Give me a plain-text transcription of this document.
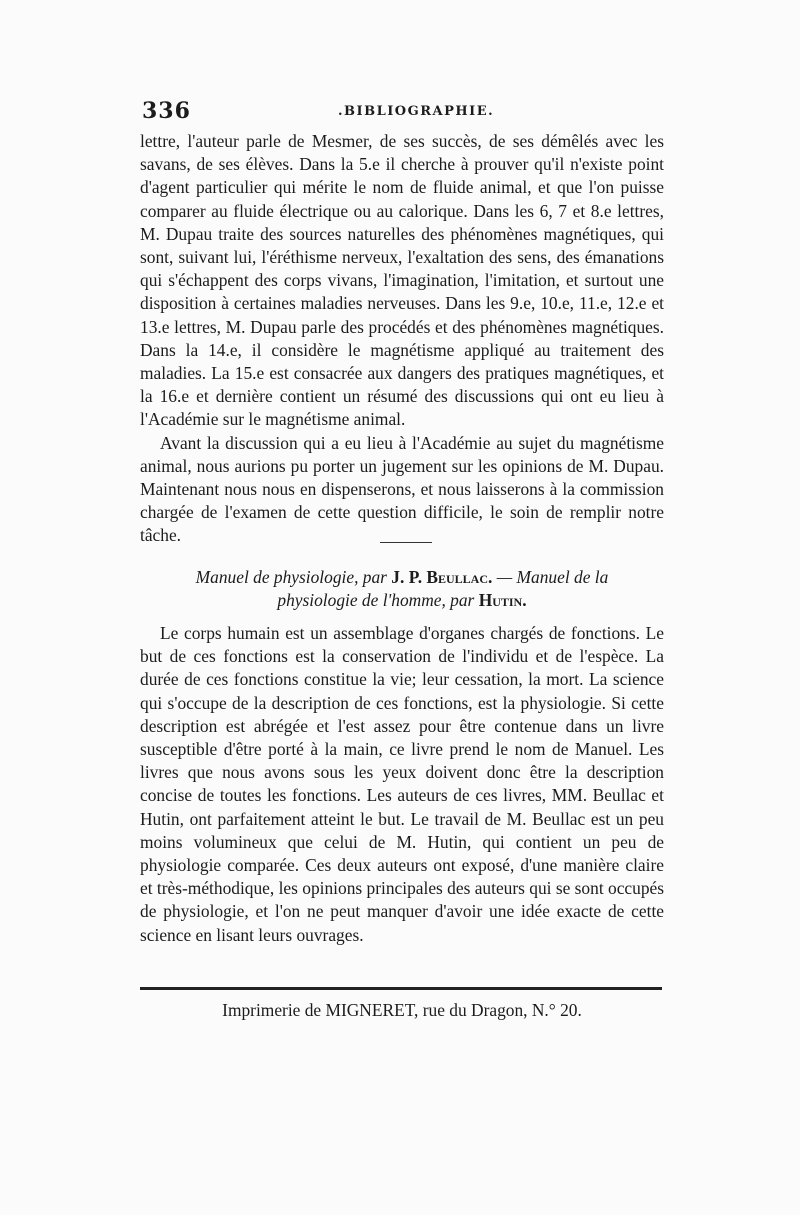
336	.BIBLIOGRAPHIE.

lettre, l'auteur parle de Mesmer, de ses succès, de ses démêlés avec les savans, de ses élèves. Dans la 5.e il cherche à prouver qu'il n'existe point d'agent particulier qui mérite le nom de fluide animal, et que l'on puisse comparer au fluide électrique ou au calorique. Dans les 6, 7 et 8.e lettres, M. Dupau traite des sources naturelles des phénomènes magnétiques, qui sont, suivant lui, l'éréthisme nerveux, l'exaltation des sens, des émanations qui s'échappent des corps vivans, l'imagination, l'imitation, et surtout une disposition à certaines maladies nerveuses. Dans les 9.e, 10.e, 11.e, 12.e et 13.e lettres, M. Dupau parle des procédés et des phénomènes magnétiques. Dans la 14.e, il considère le magnétisme appliqué au traitement des maladies. La 15.e est consacrée aux dangers des pratiques magnétiques, et la 16.e et dernière contient un résumé des discussions qui ont eu lieu à l'Académie sur le magnétisme animal.

Avant la discussion qui a eu lieu à l'Académie au sujet du magnétisme animal, nous aurions pu porter un jugement sur les opinions de M. Dupau. Maintenant nous nous en dispenserons, et nous laisserons à la commission chargée de l'examen de cette question difficile, le soin de remplir notre tâche.

Manuel de physiologie, par J. P. Beullac. — Manuel de la
physiologie de l'homme, par Hutin.

Le corps humain est un assemblage d'organes chargés de fonctions. Le but de ces fonctions est la conservation de l'individu et de l'espèce. La durée de ces fonctions constitue la vie; leur cessation, la mort. La science qui s'occupe de la description de ces fonctions, est la physiologie. Si cette description est abrégée et l'est assez pour être contenue dans un livre susceptible d'être porté à la main, ce livre prend le nom de Manuel. Les livres que nous avons sous les yeux doivent donc être la description concise de toutes les fonctions. Les auteurs de ces livres, MM. Beullac et Hutin, ont parfaitement atteint le but. Le travail de M. Beullac est un peu moins volumineux que celui de M. Hutin, qui contient un peu de physiologie comparée. Ces deux auteurs ont exposé, d'une manière claire et très-méthodique, les opinions principales des auteurs qui se sont occupés de physiologie, et l'on ne peut manquer d'avoir une idée exacte de cette science en lisant leurs ouvrages.

Imprimerie de MIGNERET, rue du Dragon, N.° 20.
